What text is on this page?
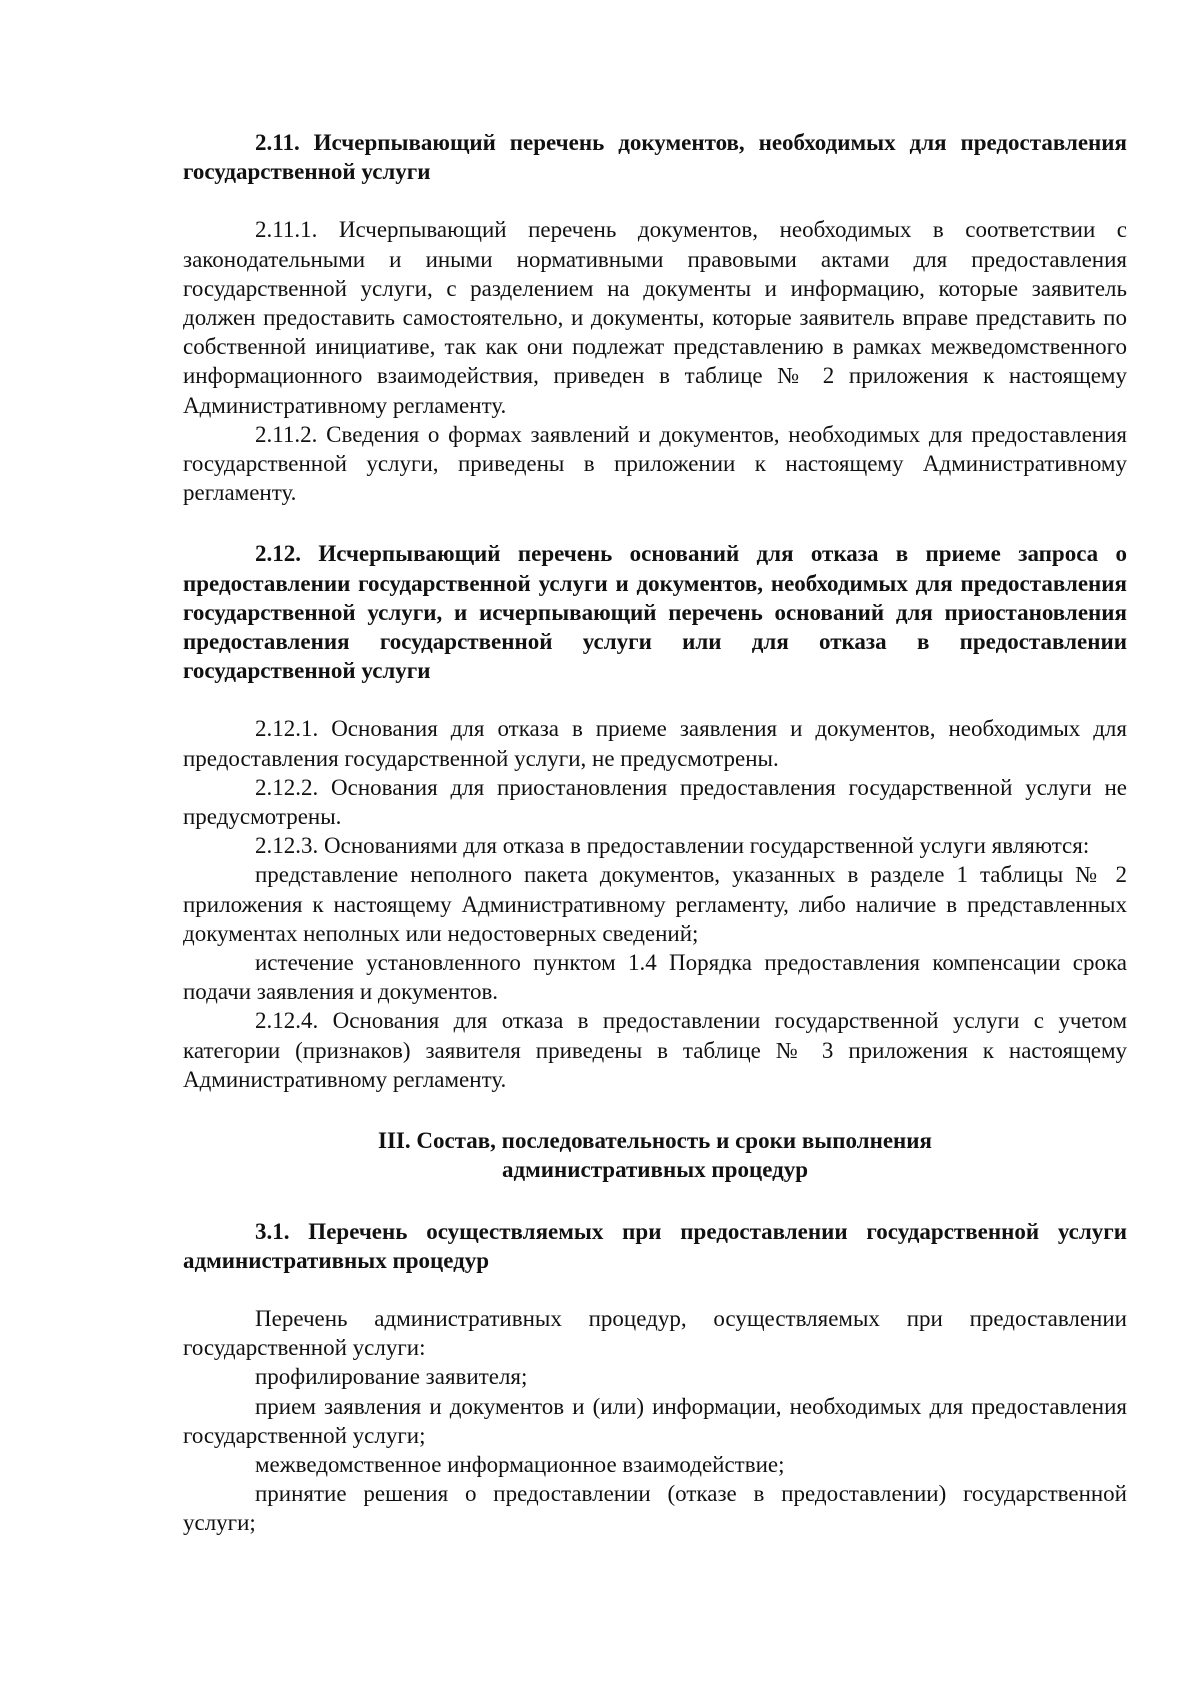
2.11. Исчерпывающий перечень документов, необходимых для предоставления государственной услуги

2.11.1. Исчерпывающий перечень документов, необходимых в соответствии с законодательными и иными нормативными правовыми актами для предоставления государственной услуги, с разделением на документы и информацию, которые заявитель должен предоставить самостоятельно, и документы, которые заявитель вправе представить по собственной инициативе, так как они подлежат представлению в рамках межведомственного информационного взаимодействия, приведен в таблице № 2 приложения к настоящему Административному регламенту.

2.11.2. Сведения о формах заявлений и документов, необходимых для предоставления государственной услуги, приведены в приложении к настоящему Административному регламенту.

2.12. Исчерпывающий перечень оснований для отказа в приеме запроса о предоставлении государственной услуги и документов, необходимых для предоставления государственной услуги, и исчерпывающий перечень оснований для приостановления предоставления государственной услуги или для отказа в предоставлении государственной услуги

2.12.1. Основания для отказа в приеме заявления и документов, необходимых для предоставления государственной услуги, не предусмотрены.

2.12.2. Основания для приостановления предоставления государственной услуги не предусмотрены.

2.12.3. Основаниями для отказа в предоставлении государственной услуги являются:

представление неполного пакета документов, указанных в разделе 1 таблицы № 2 приложения к настоящему Административному регламенту, либо наличие в представленных документах неполных или недостоверных сведений;

истечение установленного пунктом 1.4 Порядка предоставления компенсации срока подачи заявления и документов.

2.12.4. Основания для отказа в предоставлении государственной услуги с учетом категории (признаков) заявителя приведены в таблице № 3 приложения к настоящему Административному регламенту.

III. Состав, последовательность и сроки выполнения

административных процедур

3.1. Перечень осуществляемых при предоставлении государственной услуги административных процедур

Перечень административных процедур, осуществляемых при предоставлении государственной услуги:

профилирование заявителя;

прием заявления и документов и (или) информации, необходимых для предоставления государственной услуги;

межведомственное информационное взаимодействие;

принятие решения о предоставлении (отказе в предоставлении) государственной услуги;
